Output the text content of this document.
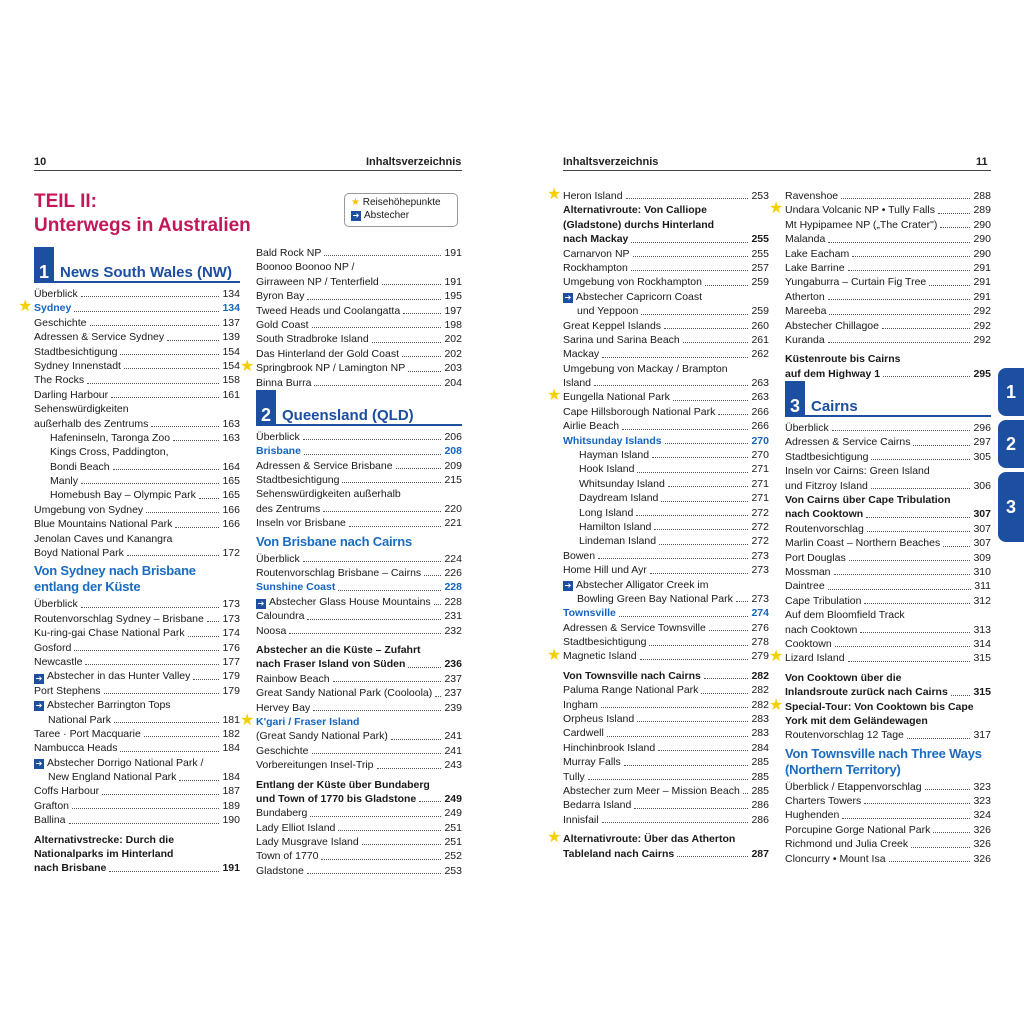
10	Inhaltsverzeichnis
TEIL II:
Unterwegs in Australien
★ Reisehöhepunkte
➔ Abstecher
1 News South Wales (NW)
Überblick	134
Sydney	134
★
Geschichte	137
Adressen & Service Sydney	139
Stadtbesichtigung	154
Sydney Innenstadt	154
The Rocks	158
Darling Harbour	161
Sehenswürdigkeiten
außerhalb des Zentrums	163
Hafeninseln, Taronga Zoo	163
Kings Cross, Paddington,
Bondi Beach	164
Manly	165
Homebush Bay – Olympic Park	165
Umgebung von Sydney	166
Blue Mountains National Park	166
Jenolan Caves und Kanangra
Boyd National Park	172
Von Sydney nach Brisbane
entlang der Küste
Überblick	173
Routenvorschlag Sydney – Brisbane 173
Ku-ring-gai Chase National Park	174
Gosford	176
Newcastle	177
➔ Abstecher in das Hunter Valley	179
Port Stephens	179
➔ Abstecher Barrington Tops
National Park	181
Taree · Port Macquarie	182
Nambucca Heads	184
➔ Abstecher Dorrigo National Park /
New England National Park	184
Coffs Harbour	187
Grafton	189
Ballina	190
Alternativstrecke: Durch die
Nationalparks im Hinterland
nach Brisbane	191
Bald Rock NP	191
Boonoo Boonoo NP /
Girraween NP / Tenterfield	191
Byron Bay	195
Tweed Heads und Coolangatta	197
Gold Coast	198
South Stradbroke Island	202
Das Hinterland der Gold Coast	202
Springbrook NP / Lamington NP	203
★
Binna Burra	204
2 Queensland (QLD)
Überblick	206
Brisbane	208
Adressen & Service Brisbane	209
Stadtbesichtigung	215
Sehenswürdigkeiten außerhalb
des Zentrums	220
Inseln vor Brisbane	221
Von Brisbane nach Cairns
Überblick	224
Routenvorschlag Brisbane – Cairns 226
Sunshine Coast	228
➔ Abstecher Glass House Mountains 228
Caloundra	231
Noosa	232
Abstecher an die Küste – Zufahrt
nach Fraser Island von Süden	236
Rainbow Beach	237
Great Sandy National Park (Cooloola) 237
Hervey Bay	239
K'gari / Fraser Island
★
(Great Sandy National Park)	241
Geschichte	241
Vorbereitungen Insel-Trip	243
Entlang der Küste über Bundaberg
und Town of 1770 bis Gladstone	249
Bundaberg	249
Lady Elliot Island	251
Lady Musgrave Island	251
Town of 1770	252
Gladstone	253
Inhaltsverzeichnis	11
Heron Island	253
★
Alternativroute: Von Calliope
(Gladstone) durchs Hinterland
nach Mackay	255
Carnarvon NP	255
Rockhampton	257
Umgebung von Rockhampton	259
➔ Abstecher Capricorn Coast
und Yeppoon	259
Great Keppel Islands	260
Sarina und Sarina Beach	261
Mackay	262
Umgebung von Mackay / Brampton
Island	263
Eungella National Park	263
★
Cape Hillsborough National Park	266
Airlie Beach	266
Whitsunday Islands	270
Hayman Island	270
Hook Island	271
Whitsunday Island	271
Daydream Island	271
Long Island	272
Hamilton Island	272
Lindeman Island	272
Bowen	273
Home Hill und Ayr	273
➔ Abstecher Alligator Creek im
Bowling Green Bay National Park 273
Townsville	274
Adressen & Service Townsville	276
Stadtbesichtigung	278
Magnetic Island	279
★
Von Townsville nach Cairns	282
Paluma Range National Park	282
Ingham	282
Orpheus Island	283
Cardwell	283
Hinchinbrook Island	284
Murray Falls	285
Tully	285
Abstecher zum Meer – Mission Beach 285
Bedarra Island	286
Innisfail	286
Alternativroute: Über das Atherton
Tableland nach Cairns	287
★
Ravenshoe	288
Undara Volcanic NP • Tully Falls	289
★
Mt Hypipamee NP („The Crater")	290
Malanda	290
Lake Eacham	290
Lake Barrine	291
Yungaburra – Curtain Fig Tree	291
Atherton	291
Mareeba	292
Abstecher Chillagoe	292
Kuranda	292
Küstenroute bis Cairns
auf dem Highway 1	295
3 Cairns
Überblick	296
Adressen & Service Cairns	297
Stadtbesichtigung	305
Inseln vor Cairns: Green Island
und Fitzroy Island	306
Von Cairns über Cape Tribulation
nach Cooktown	307
Routenvorschlag	307
Marlin Coast – Northern Beaches	307
Port Douglas	309
Mossman	310
Daintree	311
Cape Tribulation	312
Auf dem Bloomfield Track
nach Cooktown	313
Cooktown	314
Lizard Island	315
★
Von Cooktown über die
Inlandsroute zurück nach Cairns 315
Special-Tour: Von Cooktown bis Cape
York mit dem Geländewagen
★
Routenvorschlag 12 Tage	317
Von Townsville nach Three Ways
(Northern Territory)
Überblick / Etappenvorschlag	323
Charters Towers	323
Hughenden	324
Porcupine Gorge National Park	326
Richmond und Julia Creek	326
Cloncurry • Mount Isa	326
1
2
3
